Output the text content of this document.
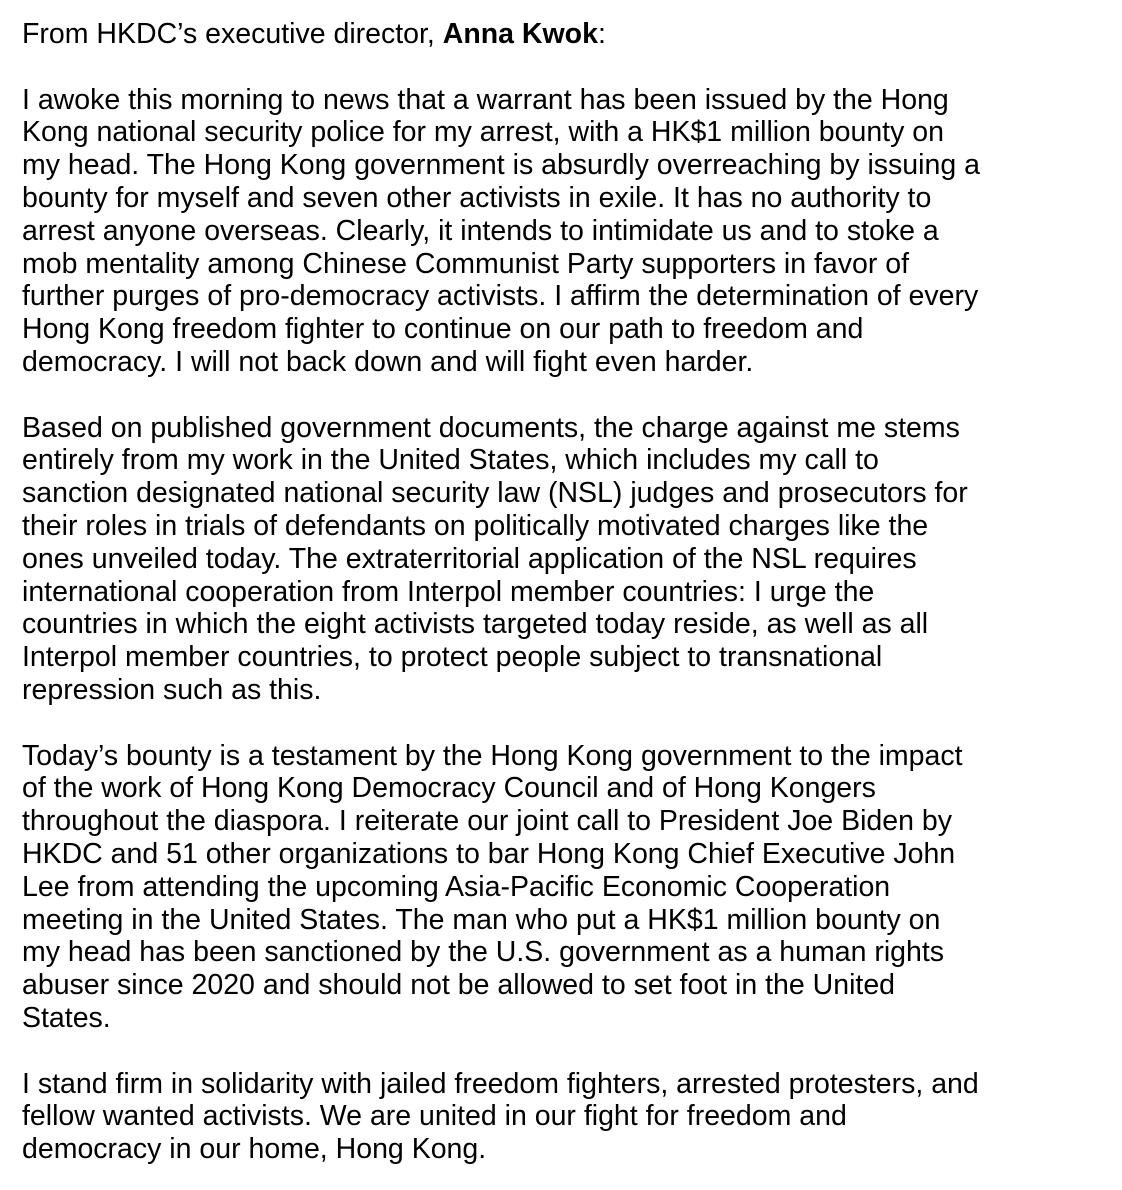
From HKDC’s executive director, Anna Kwok:

I awoke this morning to news that a warrant has been issued by the Hong
Kong national security police for my arrest, with a HK$1 million bounty on
my head. The Hong Kong government is absurdly overreaching by issuing a
bounty for myself and seven other activists in exile. It has no authority to
arrest anyone overseas. Clearly, it intends to intimidate us and to stoke a
mob mentality among Chinese Communist Party supporters in favor of
further purges of pro-democracy activists. I affirm the determination of every
Hong Kong freedom fighter to continue on our path to freedom and
democracy. I will not back down and will fight even harder.

Based on published government documents, the charge against me stems
entirely from my work in the United States, which includes my call to
sanction designated national security law (NSL) judges and prosecutors for
their roles in trials of defendants on politically motivated charges like the
ones unveiled today. The extraterritorial application of the NSL requires
international cooperation from Interpol member countries: I urge the
countries in which the eight activists targeted today reside, as well as all
Interpol member countries, to protect people subject to transnational
repression such as this.

Today’s bounty is a testament by the Hong Kong government to the impact
of the work of Hong Kong Democracy Council and of Hong Kongers
throughout the diaspora. I reiterate our joint call to President Joe Biden by
HKDC and 51 other organizations to bar Hong Kong Chief Executive John
Lee from attending the upcoming Asia-Pacific Economic Cooperation
meeting in the United States. The man who put a HK$1 million bounty on
my head has been sanctioned by the U.S. government as a human rights
abuser since 2020 and should not be allowed to set foot in the United
States.

I stand firm in solidarity with jailed freedom fighters, arrested protesters, and
fellow wanted activists. We are united in our fight for freedom and
democracy in our home, Hong Kong.
